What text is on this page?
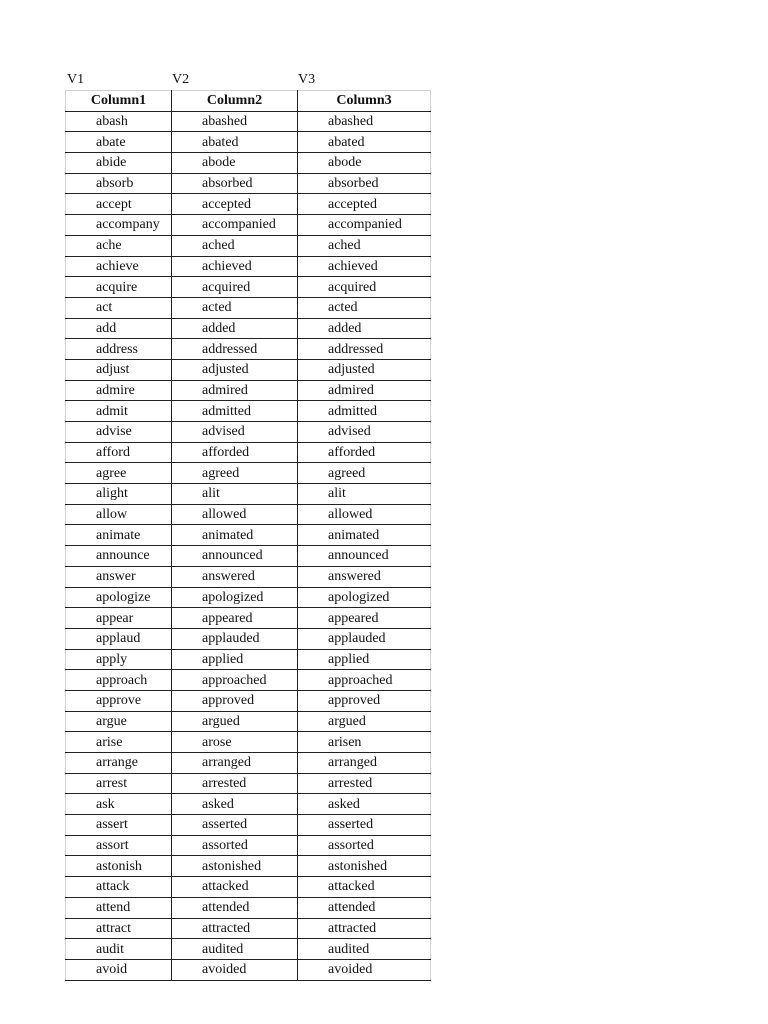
V1	V2	V3
Column1	Column2	Column3
abash	abashed	abashed
abate	abated	abated
abide	abode	abode
absorb	absorbed	absorbed
accept	accepted	accepted
accompany	accompanied	accompanied
ache	ached	ached
achieve	achieved	achieved
acquire	acquired	acquired
act	acted	acted
add	added	added
address	addressed	addressed
adjust	adjusted	adjusted
admire	admired	admired
admit	admitted	admitted
advise	advised	advised
afford	afforded	afforded
agree	agreed	agreed
alight	alit	alit
allow	allowed	allowed
animate	animated	animated
announce	announced	announced
answer	answered	answered
apologize	apologized	apologized
appear	appeared	appeared
applaud	applauded	applauded
apply	applied	applied
approach	approached	approached
approve	approved	approved
argue	argued	argued
arise	arose	arisen
arrange	arranged	arranged
arrest	arrested	arrested
ask	asked	asked
assert	asserted	asserted
assort	assorted	assorted
astonish	astonished	astonished
attack	attacked	attacked
attend	attended	attended
attract	attracted	attracted
audit	audited	audited
avoid	avoided	avoided
